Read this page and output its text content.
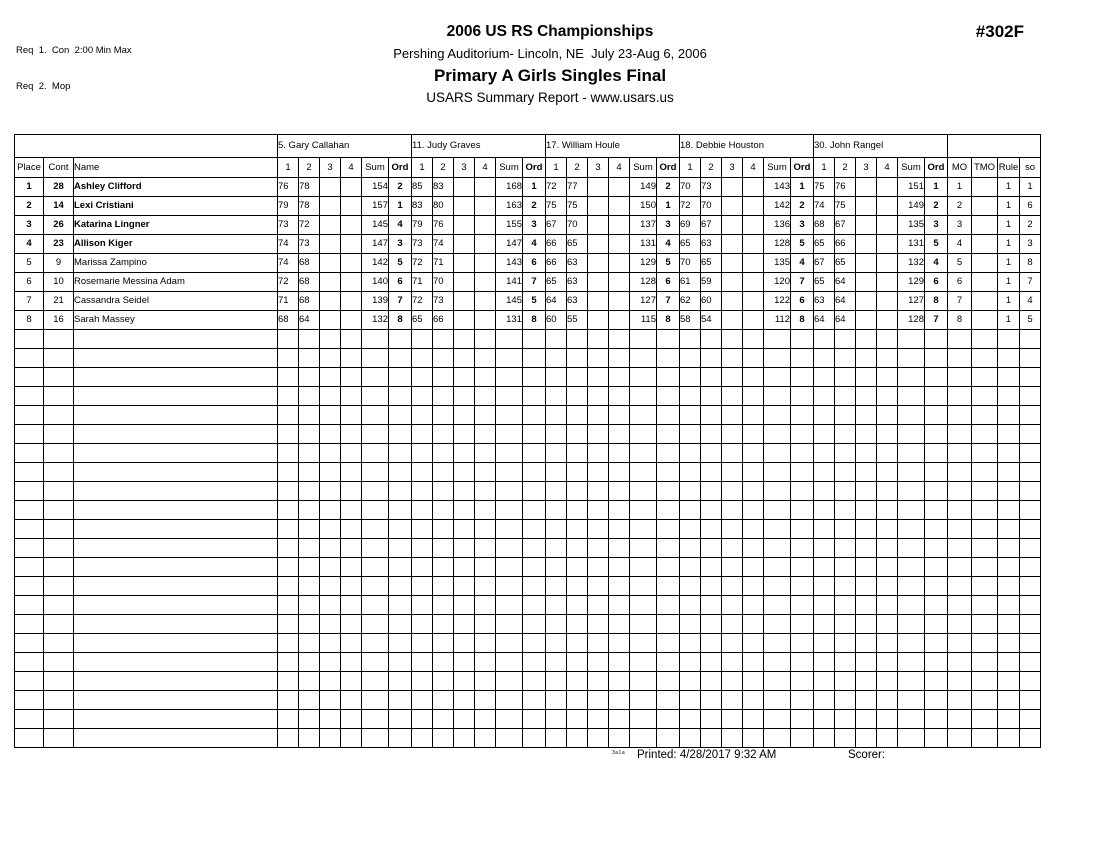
Req  1.  Con  2:00 Min Max

Req  2.  Mop

2006 US RS Championships
Pershing Auditorium- Lincoln, NE  July 23-Aug 6, 2006
Primary A Girls Singles Final
USARS Summary Report - www.usars.us
#302F
			5. Gary Callahan						11. Judy Graves						17. William Houle						18. Debbie Houston						30. John Rangel									
Place	Cont	Name	1	2	3	4	Sum	Ord	1	2	3	4	Sum	Ord	1	2	3	4	Sum	Ord	1	2	3	4	Sum	Ord	1	2	3	4	Sum	Ord	MO	TMO	Rule	so
1	28	Ashley Clifford	76	78			154	2	85	83			168	1	72	77			149	2	70	73			143	1	75	76			151	1	1		1	1
2	14	Lexi Cristiani	79	78			157	1	83	80			163	2	75	75			150	1	72	70			142	2	74	75			149	2	2		1	6
3	26	Katarina Lingner	73	72			145	4	79	76			155	3	67	70			137	3	69	67			136	3	68	67			135	3	3		1	2
4	23	Allison Kiger	74	73			147	3	73	74			147	4	66	65			131	4	65	63			128	5	65	66			131	5	4		1	3
5	9	Marissa Zampino	74	68			142	5	72	71			143	6	66	63			129	5	70	65			135	4	67	65			132	4	5		1	8
6	10	Rosemarie Messina Adam	72	68			140	6	71	70			141	7	65	63			128	6	61	59			120	7	65	64			129	6	6		1	7
7	21	Cassandra Seidel	71	68			139	7	72	73			145	5	64	63			127	7	62	60			122	6	63	64			127	8	7		1	4
8	16	Sarah Massey	68	64			132	8	65	66			131	8	60	55			115	8	58	54			112	8	64	64			128	7	8		1	5

3a1a Printed: 4/28/2017 9:32 AM	Scorer:
